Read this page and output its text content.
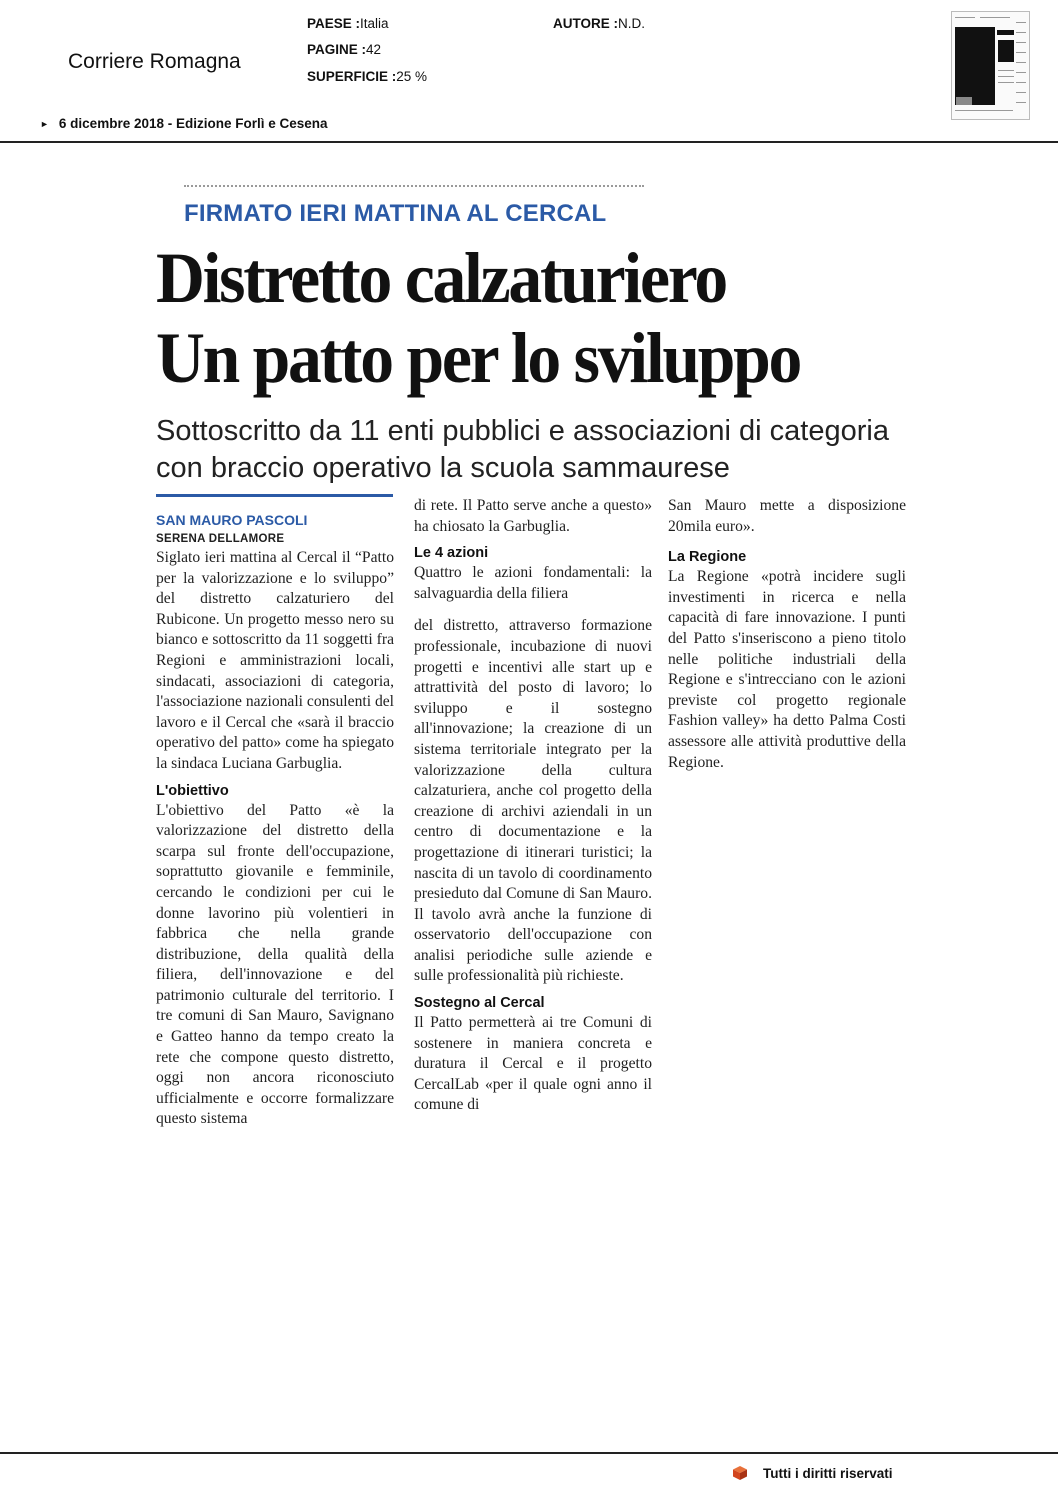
Corriere Romagna
PAESE :Italia
PAGINE :42
SUPERFICIE :25 %
AUTORE :N.D.
► 6 dicembre 2018 - Edizione Forlì e Cesena
FIRMATO IERI MATTINA AL CERCAL
Distretto calzaturiero
Un patto per lo sviluppo
Sottoscritto da 11 enti pubblici e associazioni di categoria
con braccio operativo la scuola sammaurese
SAN MAURO PASCOLI
SERENA DELLAMORE

Siglato ieri mattina al Cercal il “Patto per la valorizzazione e lo sviluppo” del distretto calzaturiero del Rubicone. Un progetto messo nero su bianco e sottoscritto da 11 soggetti fra Regioni e amministrazioni locali, sindacati, associazioni di categoria, l'associazione nazionali consulenti del lavoro e il Cercal che «sarà il braccio operativo del patto» come ha spiegato la sindaca Luciana Garbuglia.

L'obiettivo

L'obiettivo del Patto «è la valorizzazione del distretto della scarpa sul fronte dell'occupazione, soprattutto giovanile e femminile, cercando le condizioni per cui le donne lavorino più volentieri in fabbrica che nella grande distribuzione, della qualità della filiera, dell'innovazione e del patrimonio culturale del territorio. I tre comuni di San Mauro, Savignano e Gatteo hanno da tempo creato la rete che compone questo distretto, oggi non ancora riconosciuto ufficialmente e occorre formalizzare questo sistema

di rete. Il Patto serve anche a questo» ha chiosato la Garbuglia.

Le 4 azioni

Quattro le azioni fondamentali: la salvaguardia della filiera

del distretto, attraverso formazione professionale, incubazione di nuovi progetti e incentivi alle start up e attrattività del posto di lavoro; lo sviluppo e il sostegno all'innovazione; la creazione di un sistema territoriale integrato per la valorizzazione della cultura calzaturiera, anche col progetto della creazione di archivi aziendali in un centro di documentazione e la progettazione di itinerari turistici; la nascita di un tavolo di coordinamento presieduto dal Comune di San Mauro. Il tavolo avrà anche la funzione di osservatorio dell'occupazione con analisi periodiche sulle aziende e sulle professionalità più richieste.

Sostegno al Cercal

Il Patto permetterà ai tre Comuni di sostenere in maniera concreta e duratura il Cercal e il progetto CercalLab «per il quale ogni anno il comune di

San Mauro mette a disposizione 20mila euro».

La Regione

La Regione «potrà incidere sugli investimenti in ricerca e nella capacità di fare innovazione. I punti del Patto s'inseriscono a pieno titolo nelle politiche industriali della Regione e s'intrecciano con le azioni previste col progetto regionale Fashion valley» ha detto Palma Costi assessore alle attività produttive della Regione.

Tutti i diritti riservati
